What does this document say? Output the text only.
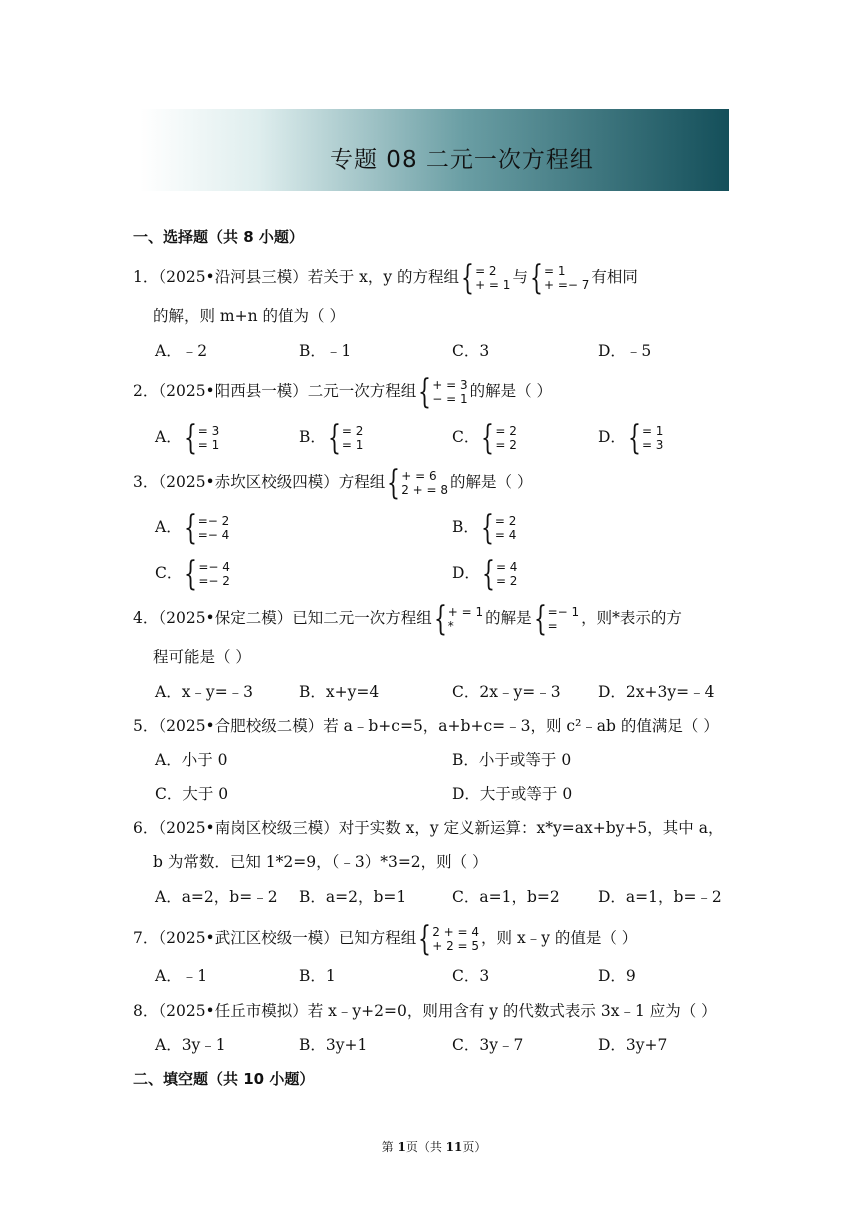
专题 08 二元一次方程组
一、选择题（共 8 小题）
1．（2025•沿河县三模）若关于 x，y 的方程组 { = 2
+ = 1 与 { = 1
+ =− 7 有相同
的解，则 m+n 的值为（ ）
A．﹣2	B．﹣1	C．3	D．﹣5
2．（2025•阳西县一模）二元一次方程组 { + = 3
− = 1 的解是（ ）
A． { = 3
= 1	B． { = 2
= 1	C． { = 2
= 2	D． { = 1
= 3
3．（2025•赤坎区校级四模）方程组 { + = 6
2 + = 8 的解是（ ）
A． { =− 2
=− 4	B． { = 2
= 4
C． { =− 4
=− 2	D． { = 4
= 2
4．（2025•保定二模）已知二元一次方程组 { + = 1
*	的解是 { =− 1
=	，则*表示的方
程可能是（ ）
A．x﹣y=﹣3	B．x+y=4	C．2x﹣y=﹣3 D．2x+3y=﹣4
5．（2025•合肥校级二模）若 a﹣b+c=5，a+b+c=﹣3，则 c²﹣ab 的值满足（ ）
A．小于 0	B．小于或等于 0
C．大于 0	D．大于或等于 0
6．（2025•南岗区校级三模）对于实数 x，y 定义新运算：x*y=ax+by+5，其中 a，
b 为常数．已知 1*2=9，（﹣3）*3=2，则（ ）
A．a=2，b=﹣2 B．a=2，b=1	C．a=1，b=2 D．a=1，b=﹣2
7．（2025•武江区校级一模）已知方程组 { 2 + = 4
+ 2 = 5 ，则 x﹣y 的值是（ ）
A．﹣1	B．1	C．3	D．9
8．（2025•任丘市模拟）若 x﹣y+2=0，则用含有 y 的代数式表示 3x﹣1 应为（ ）
A．3y﹣1	B．3y+1	C．3y﹣7	D．3y+7
二、填空题（共 10 小题）
第 1页（共 11页）
